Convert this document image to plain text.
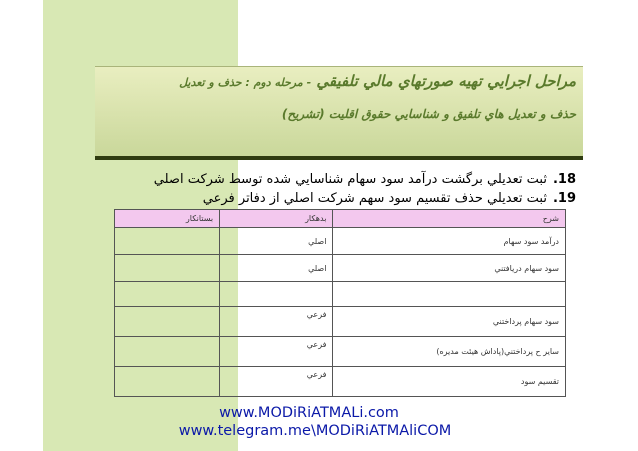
مراحل اجرايي تهيه صورتهاي مالي تلفيقي - مرحله دوم : حذف و تعديل
حذف و تعديل هاي تلفيق و شناسايي حقوق اقليت (تشريح)
18.ثبت تعديلي برگشت درآمد سود سهام شناسايي شده توسط شركت اصلي
19.ثبت تعديلي حذف تقسيم سود سهم شركت اصلي از دفاتر فرعي
شرح	بدهكار	بستانكار
درآمد سود سهام	اصلي	
سود سهام دريافتني	اصلي	

سود سهام پرداختني	فرعي	
ساير ح پرداختني(پاداش هيئت مديره)	فرعي	
تقسيم سود	فرعي	
www.MODiRiATMALi.com
www.telegram.me\MODiRiATMAliCOM
